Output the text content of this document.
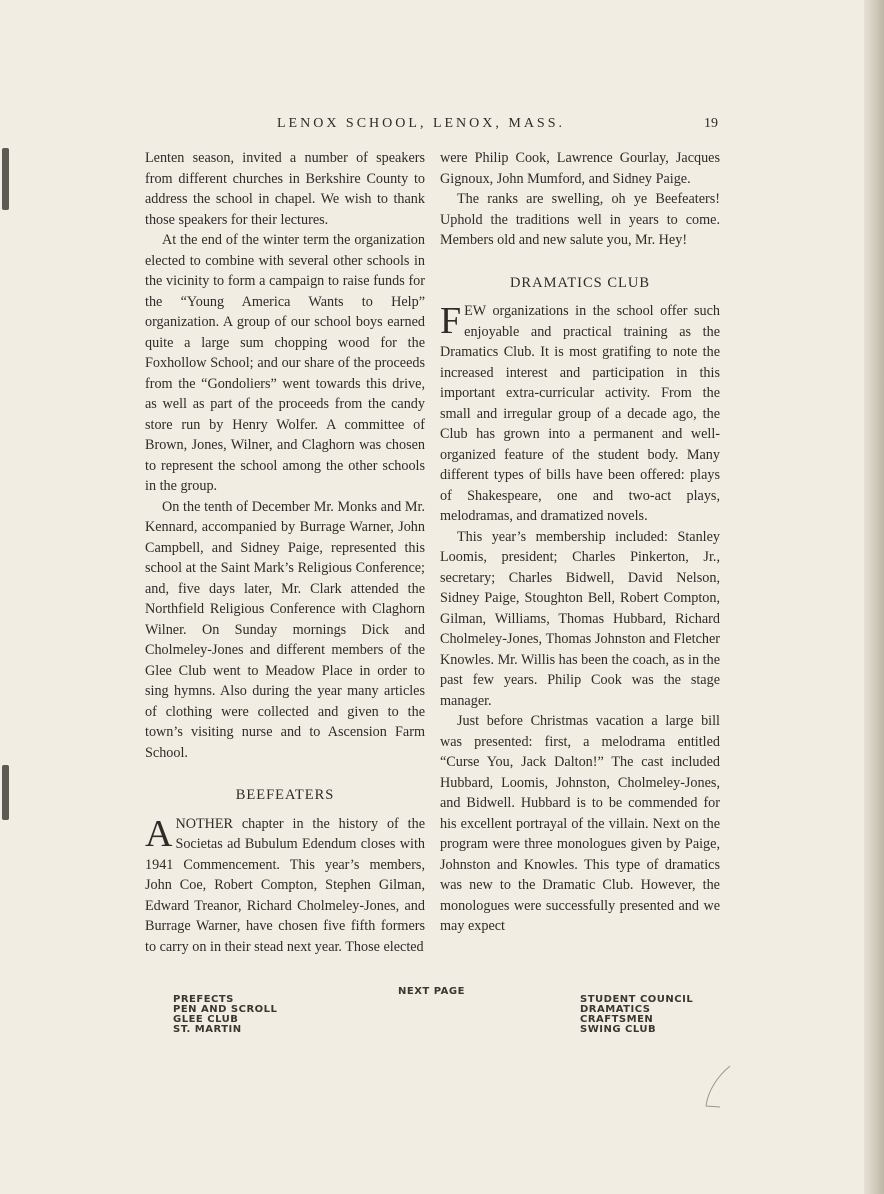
LENOX SCHOOL, LENOX, MASS.	19

Lenten season, invited a number of speakers from different churches in Berkshire County to address the school in chapel. We wish to thank those speakers for their lectures.

At the end of the winter term the organization elected to combine with several other schools in the vicinity to form a campaign to raise funds for the “Young America Wants to Help” organization. A group of our school boys earned quite a large sum chopping wood for the Foxhollow School; and our share of the proceeds from the “Gondoliers” went towards this drive, as well as part of the proceeds from the candy store run by Henry Wolfer. A committee of Brown, Jones, Wilner, and Claghorn was chosen to represent the school among the other schools in the group.

On the tenth of December Mr. Monks and Mr. Kennard, accompanied by Burrage Warner, John Campbell, and Sidney Paige, represented this school at the Saint Mark’s Religious Conference; and, five days later, Mr. Clark attended the Northfield Religious Conference with Claghorn Wilner. On Sunday mornings Dick and Cholmeley-Jones and different members of the Glee Club went to Meadow Place in order to sing hymns. Also during the year many articles of clothing were collected and given to the town’s visiting nurse and to Ascension Farm School.

BEEFEATERS

ANOTHER chapter in the history of the Societas ad Bubulum Edendum closes with 1941 Commencement. This year’s members, John Coe, Robert Compton, Stephen Gilman, Edward Treanor, Richard Cholmeley-Jones, and Burrage Warner, have chosen five fifth formers to carry on in their stead next year. Those elected

were Philip Cook, Lawrence Gourlay, Jacques Gignoux, John Mumford, and Sidney Paige.

The ranks are swelling, oh ye Beefeaters! Uphold the traditions well in years to come. Members old and new salute you, Mr. Hey!

DRAMATICS CLUB

FEW organizations in the school offer such enjoyable and practical training as the Dramatics Club. It is most gratifing to note the increased interest and participation in this important extra-curricular activity. From the small and irregular group of a decade ago, the Club has grown into a permanent and well-organized feature of the student body. Many different types of bills have been offered: plays of Shakespeare, one and two-act plays, melodramas, and dramatized novels.

This year’s membership included: Stanley Loomis, president; Charles Pinkerton, Jr., secretary; Charles Bidwell, David Nelson, Sidney Paige, Stoughton Bell, Robert Compton, Gilman, Williams, Thomas Hubbard, Richard Cholmeley-Jones, Thomas Johnston and Fletcher Knowles. Mr. Willis has been the coach, as in the past few years. Philip Cook was the stage manager.

Just before Christmas vacation a large bill was presented: first, a melodrama entitled “Curse You, Jack Dalton!” The cast included Hubbard, Loomis, Johnston, Cholmeley-Jones, and Bidwell. Hubbard is to be commended for his excellent portrayal of the villain. Next on the program were three monologues given by Paige, Johnston and Knowles. This type of dramatics was new to the Dramatic Club. However, the monologues were successfully presented and we may expect

NEXT PAGE
PREFECTS
PEN AND SCROLL
GLEE CLUB
ST. MARTIN
STUDENT COUNCIL
DRAMATICS
CRAFTSMEN
SWING CLUB
